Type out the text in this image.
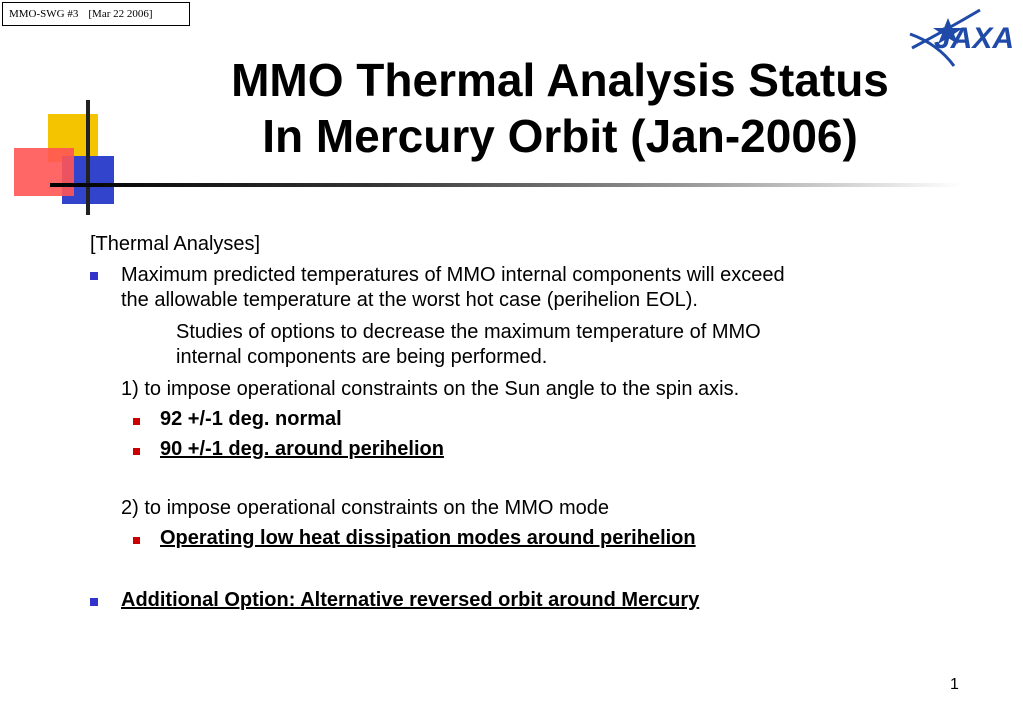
MMO-SWG #3 [Mar 22 2006]
JAXA
MMO Thermal Analysis Status
In Mercury Orbit (Jan-2006)
[Thermal Analyses]
Maximum predicted temperatures of MMO internal components will exceed
the allowable temperature at the worst hot case (perihelion EOL).
Studies of options to decrease the maximum temperature of MMO
internal components are being performed.
1) to impose operational constraints on the Sun angle to the spin axis.
92 +/-1 deg. normal
90 +/-1 deg. around perihelion
2) to impose operational constraints on the MMO mode
Operating low heat dissipation modes around perihelion
Additional Option: Alternative reversed orbit around Mercury
1
